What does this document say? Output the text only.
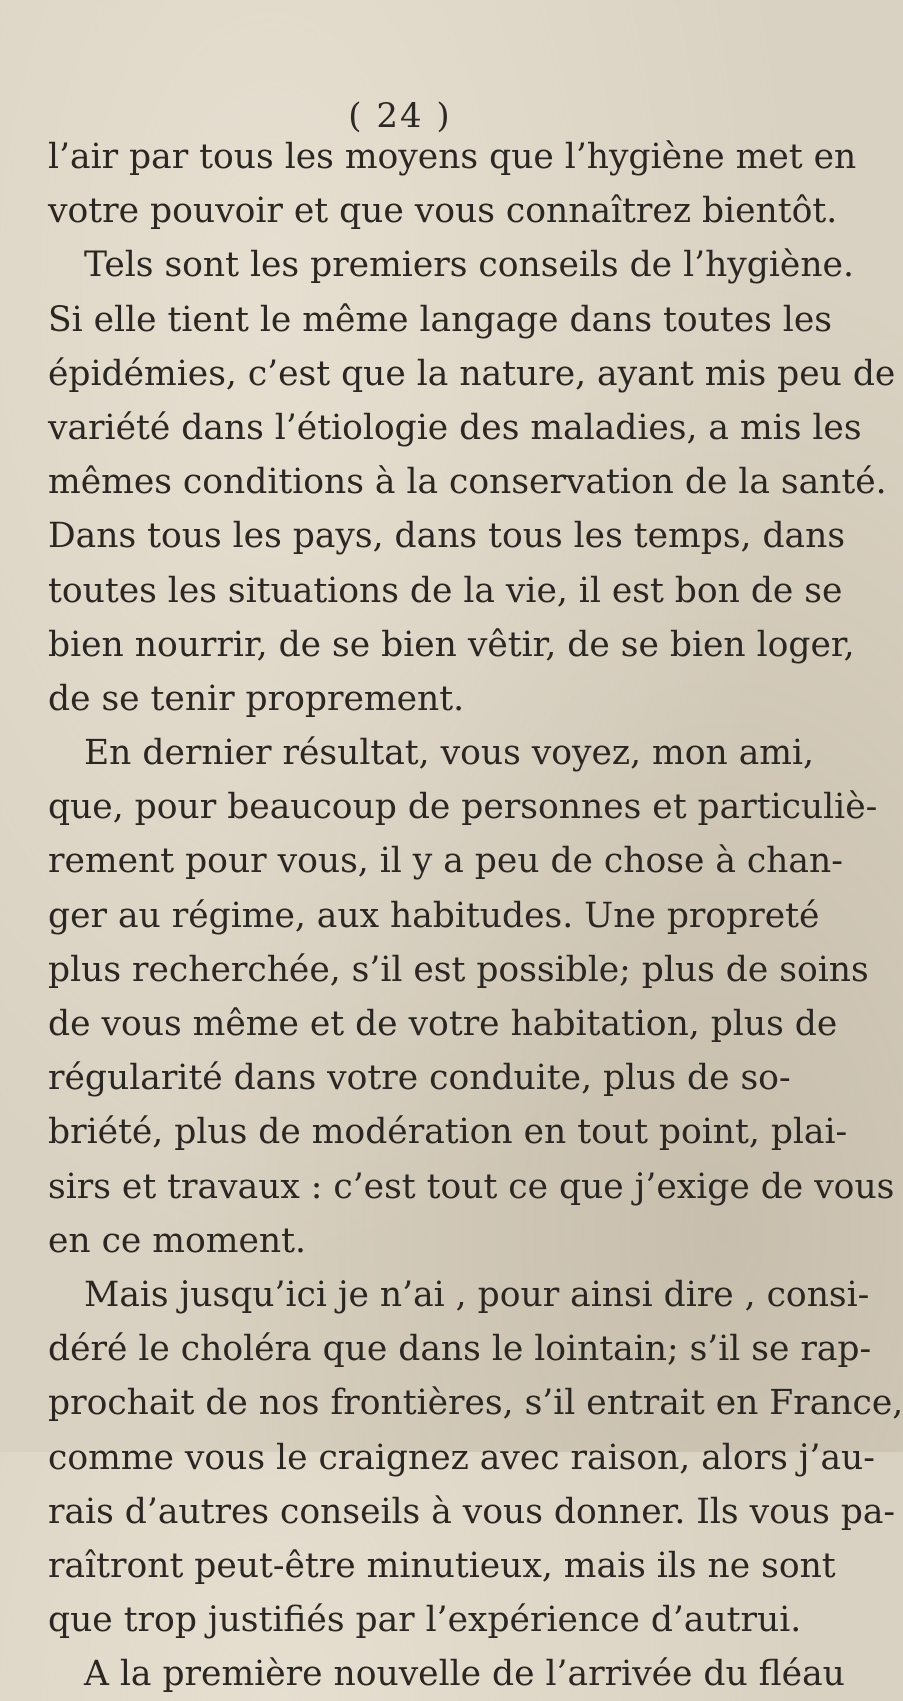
( 24 )
l’air par tous les moyens que l’hygiène met en
votre pouvoir et que vous connaîtrez bientôt.
Tels sont les premiers conseils de l’hygiène.
Si elle tient le même langage dans toutes les
épidémies, c’est que la nature, ayant mis peu de
variété dans l’étiologie des maladies, a mis les
mêmes conditions à la conservation de la santé.
Dans tous les pays, dans tous les temps, dans
toutes les situations de la vie, il est bon de se
bien nourrir, de se bien vêtir, de se bien loger,
de se tenir proprement.
En dernier résultat, vous voyez, mon ami,
que, pour beaucoup de personnes et particuliè-
rement pour vous, il y a peu de chose à chan-
ger au régime, aux habitudes. Une propreté
plus recherchée, s’il est possible; plus de soins
de vous même et de votre habitation, plus de
régularité dans votre conduite, plus de so-
briété, plus de modération en tout point, plai-
sirs et travaux : c’est tout ce que j’exige de vous
en ce moment.
Mais jusqu’ici je n’ai , pour ainsi dire , consi-
déré le choléra que dans le lointain; s’il se rap-
prochait de nos frontières, s’il entrait en France,
comme vous le craignez avec raison, alors j’au-
rais d’autres conseils à vous donner. Ils vous pa-
raîtront peut-être minutieux, mais ils ne sont
que trop justifiés par l’expérience d’autrui.
A la première nouvelle de l’arrivée du fléau
